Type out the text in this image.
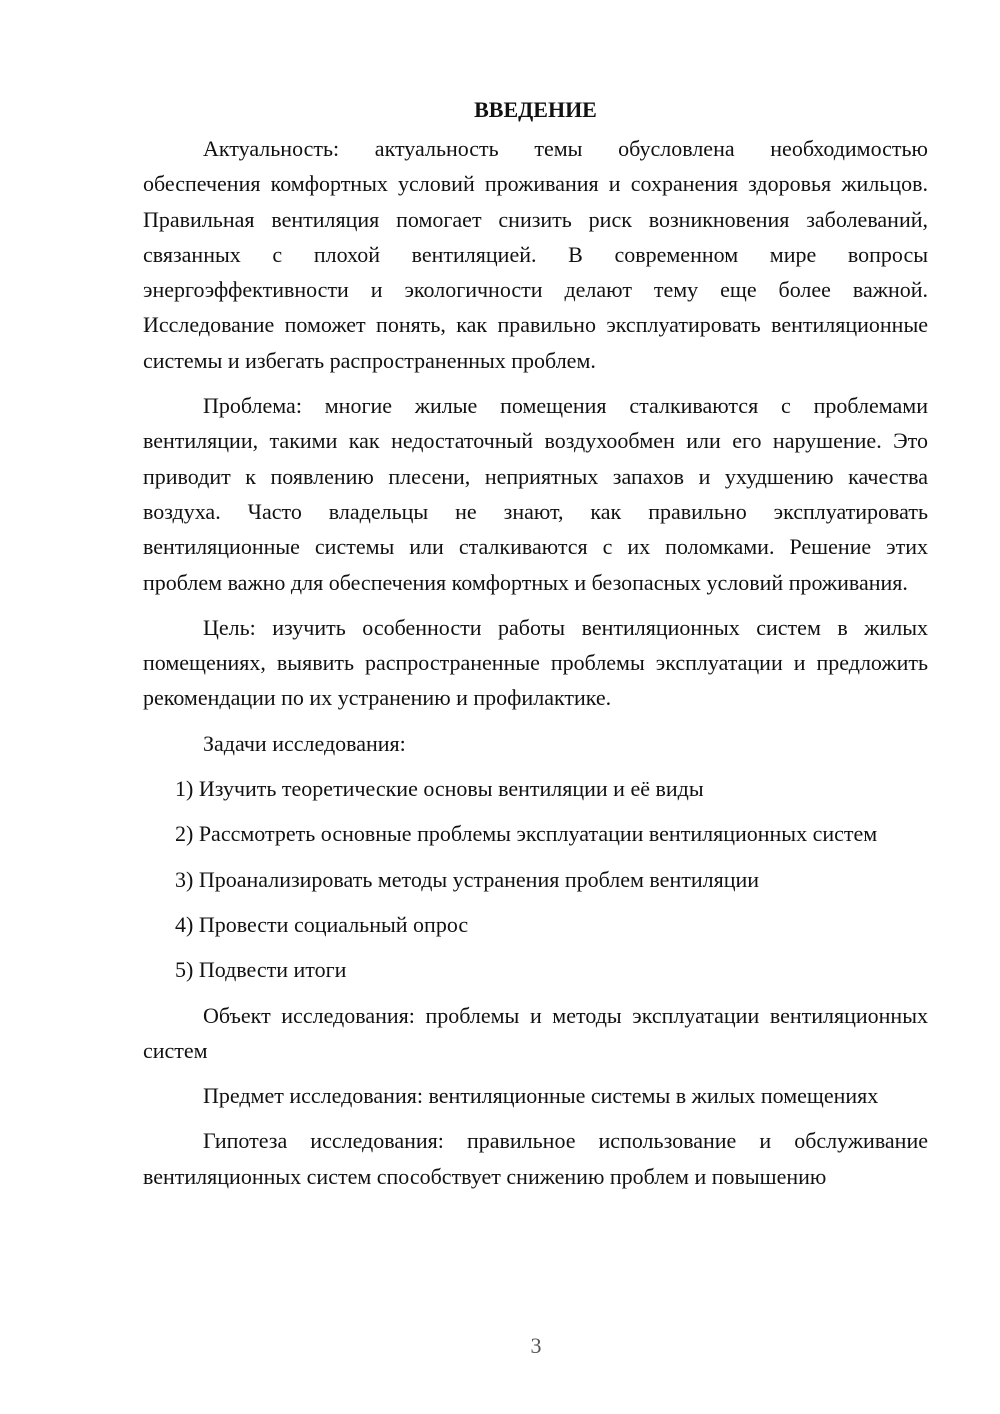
ВВЕДЕНИЕ

Актуальность: актуальность темы обусловлена необходимостью обеспечения комфортных условий проживания и сохранения здоровья жильцов. Правильная вентиляция помогает снизить риск возникновения заболеваний, связанных с плохой вентиляцией. В современном мире вопросы энергоэффективности и экологичности делают тему еще более важной. Исследование поможет понять, как правильно эксплуатировать вентиляционные системы и избегать распространенных проблем.

Проблема: многие жилые помещения сталкиваются с проблемами вентиляции, такими как недостаточный воздухообмен или его нарушение. Это приводит к появлению плесени, неприятных запахов и ухудшению качества воздуха. Часто владельцы не знают, как правильно эксплуатировать вентиляционные системы или сталкиваются с их поломками. Решение этих проблем важно для обеспечения комфортных и безопасных условий проживания.

Цель: изучить особенности работы вентиляционных систем в жилых помещениях, выявить распространенные проблемы эксплуатации и предложить рекомендации по их устранению и профилактике.

Задачи исследования:

1) Изучить теоретические основы вентиляции и её виды

2) Рассмотреть основные проблемы эксплуатации вентиляционных систем

3) Проанализировать методы устранения проблем вентиляции

4) Провести социальный опрос

5) Подвести итоги

Объект исследования: проблемы и методы эксплуатации вентиляционных систем

Предмет исследования: вентиляционные системы в жилых помещениях

Гипотеза исследования: правильное использование и обслуживание вентиляционных систем способствует снижению проблем и повышению

3
